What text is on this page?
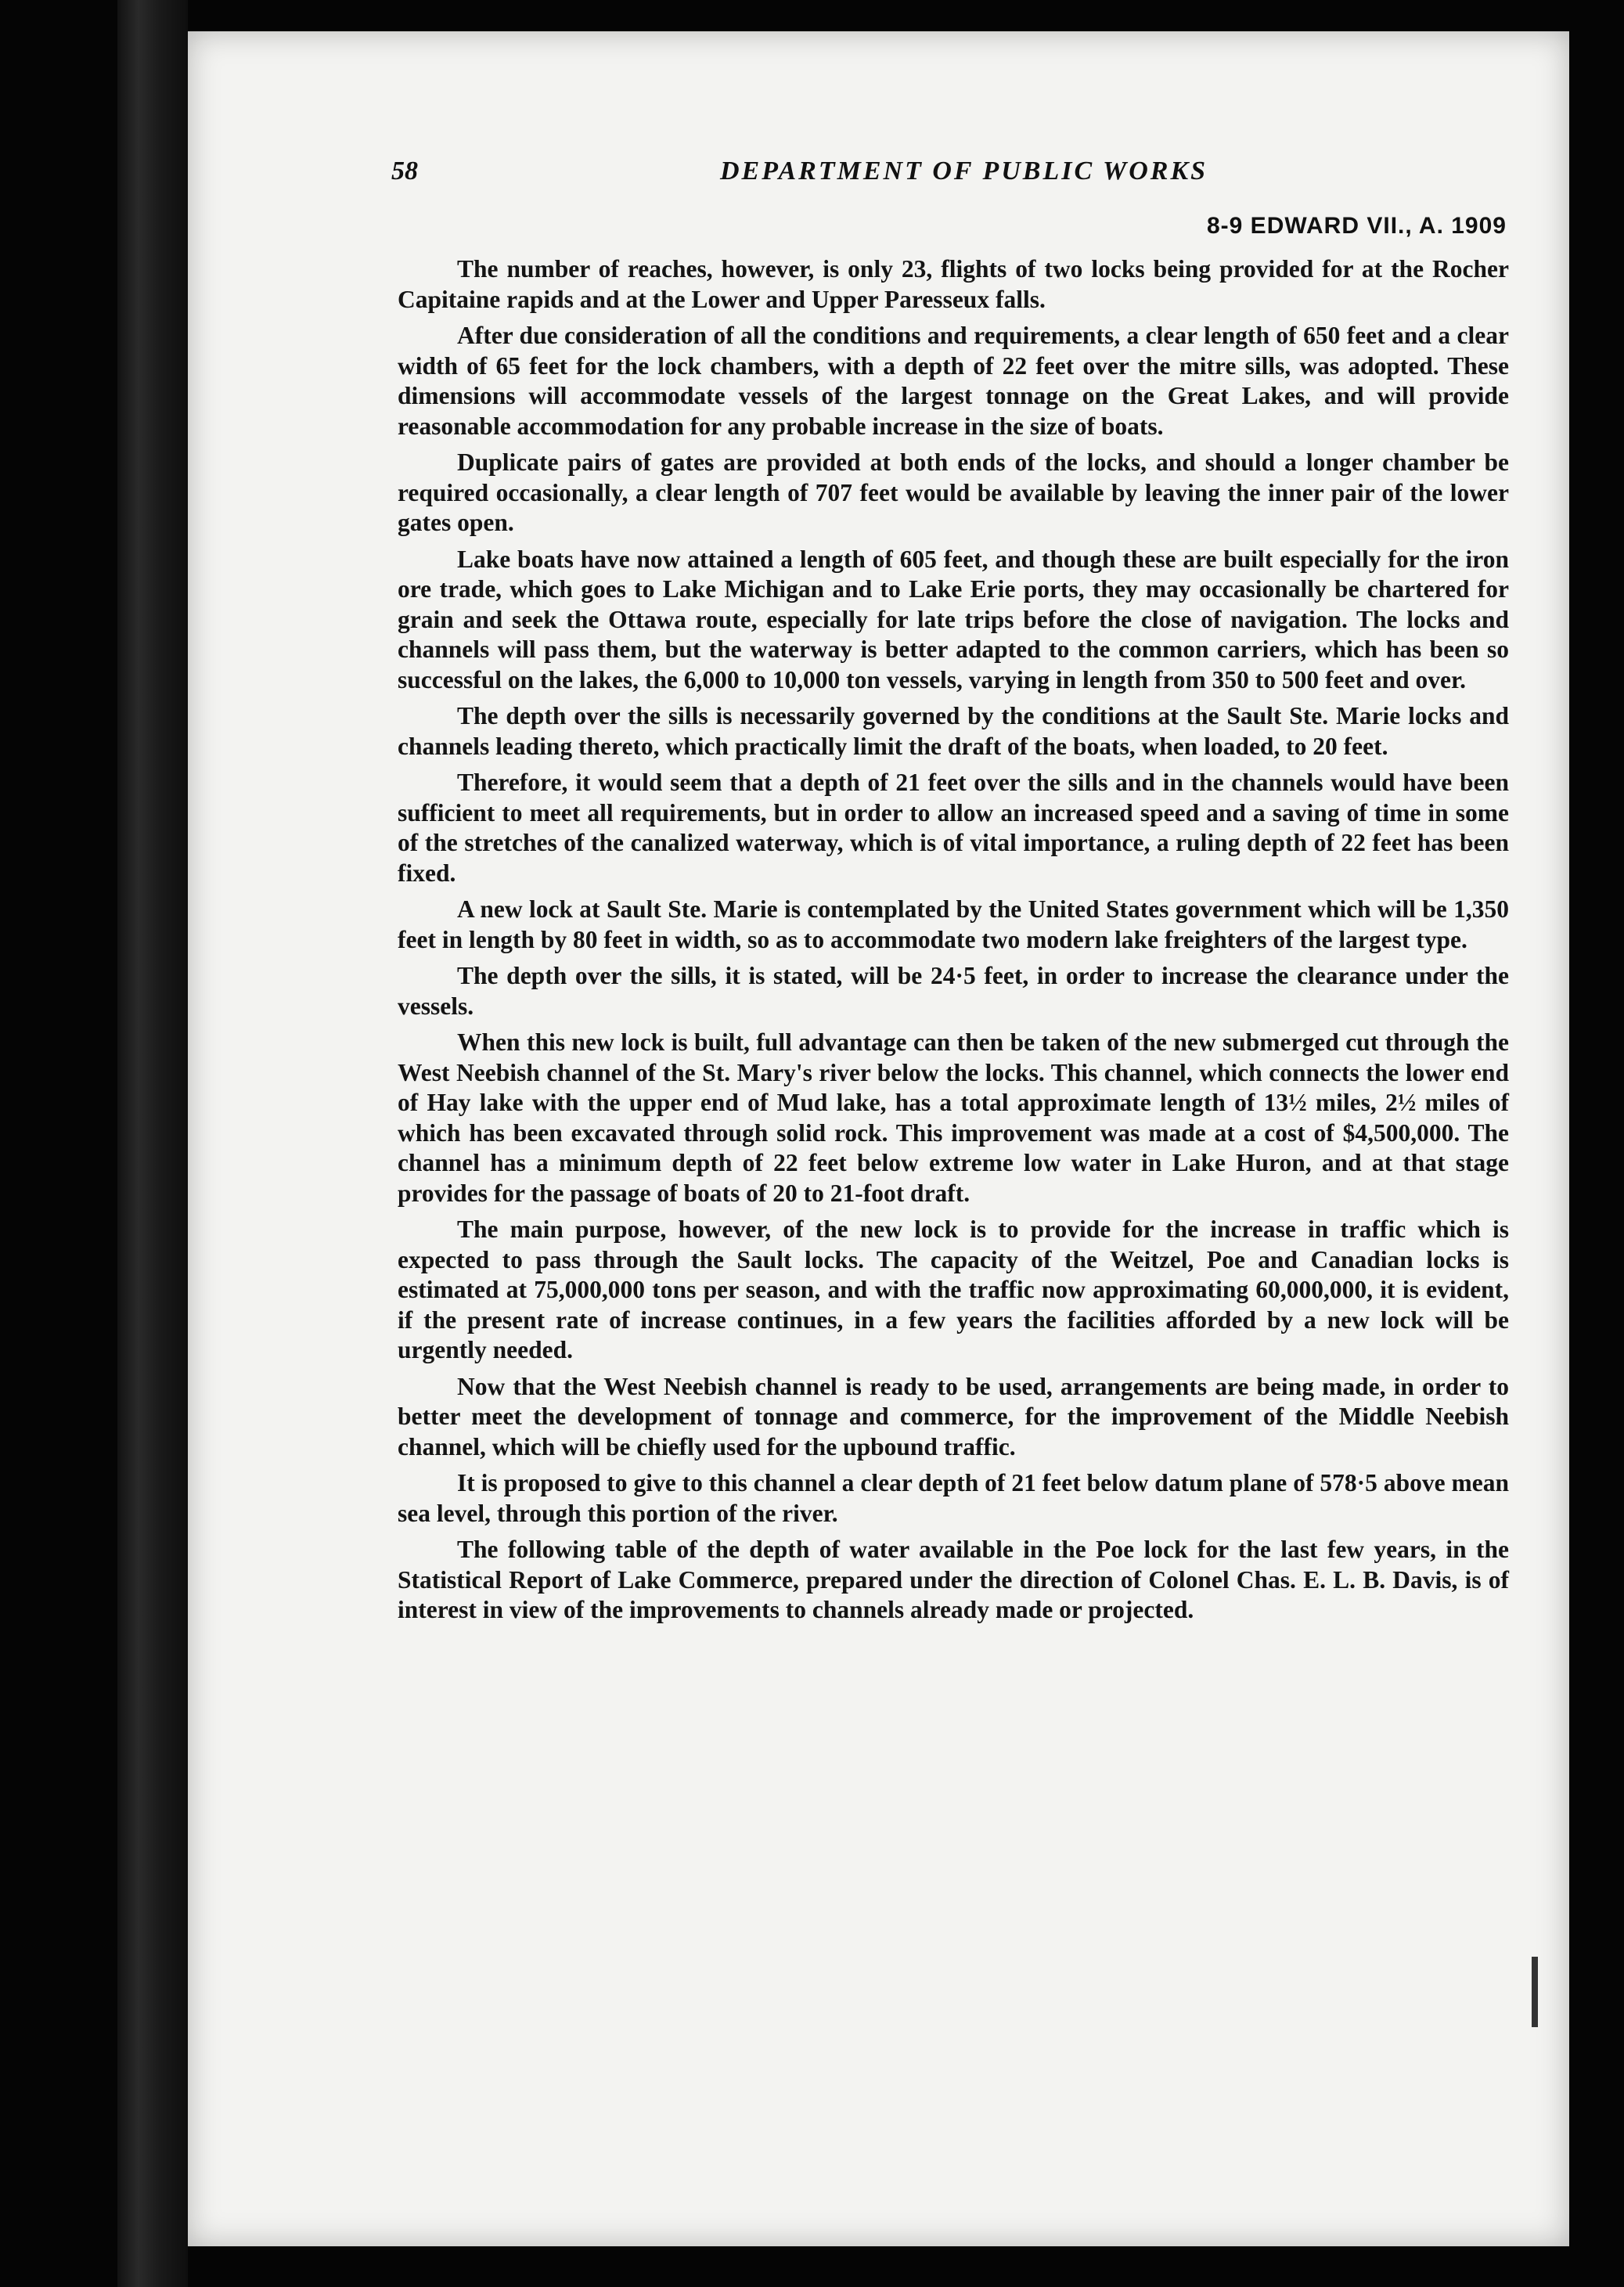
58	DEPARTMENT OF PUBLIC WORKS
8-9 EDWARD VII., A. 1909

The number of reaches, however, is only 23, flights of two locks being provided for at the Rocher Capitaine rapids and at the Lower and Upper Paresseux falls.

After due consideration of all the conditions and requirements, a clear length of 650 feet and a clear width of 65 feet for the lock chambers, with a depth of 22 feet over the mitre sills, was adopted. These dimensions will accommodate vessels of the largest tonnage on the Great Lakes, and will provide reasonable accommodation for any probable increase in the size of boats.

Duplicate pairs of gates are provided at both ends of the locks, and should a longer chamber be required occasionally, a clear length of 707 feet would be available by leaving the inner pair of the lower gates open.

Lake boats have now attained a length of 605 feet, and though these are built especially for the iron ore trade, which goes to Lake Michigan and to Lake Erie ports, they may occasionally be chartered for grain and seek the Ottawa route, especially for late trips before the close of navigation. The locks and channels will pass them, but the waterway is better adapted to the common carriers, which has been so successful on the lakes, the 6,000 to 10,000 ton vessels, varying in length from 350 to 500 feet and over.

The depth over the sills is necessarily governed by the conditions at the Sault Ste. Marie locks and channels leading thereto, which practically limit the draft of the boats, when loaded, to 20 feet.

Therefore, it would seem that a depth of 21 feet over the sills and in the channels would have been sufficient to meet all requirements, but in order to allow an increased speed and a saving of time in some of the stretches of the canalized waterway, which is of vital importance, a ruling depth of 22 feet has been fixed.

A new lock at Sault Ste. Marie is contemplated by the United States government which will be 1,350 feet in length by 80 feet in width, so as to accommodate two modern lake freighters of the largest type.

The depth over the sills, it is stated, will be 24·5 feet, in order to increase the clearance under the vessels.

When this new lock is built, full advantage can then be taken of the new submerged cut through the West Neebish channel of the St. Mary's river below the locks. This channel, which connects the lower end of Hay lake with the upper end of Mud lake, has a total approximate length of 13½ miles, 2½ miles of which has been excavated through solid rock. This improvement was made at a cost of $4,500,000. The channel has a minimum depth of 22 feet below extreme low water in Lake Huron, and at that stage provides for the passage of boats of 20 to 21-foot draft.

The main purpose, however, of the new lock is to provide for the increase in traffic which is expected to pass through the Sault locks. The capacity of the Weitzel, Poe and Canadian locks is estimated at 75,000,000 tons per season, and with the traffic now approximating 60,000,000, it is evident, if the present rate of increase continues, in a few years the facilities afforded by a new lock will be urgently needed.

Now that the West Neebish channel is ready to be used, arrangements are being made, in order to better meet the development of tonnage and commerce, for the improvement of the Middle Neebish channel, which will be chiefly used for the upbound traffic.

It is proposed to give to this channel a clear depth of 21 feet below datum plane of 578·5 above mean sea level, through this portion of the river.

The following table of the depth of water available in the Poe lock for the last few years, in the Statistical Report of Lake Commerce, prepared under the direction of Colonel Chas. E. L. B. Davis, is of interest in view of the improvements to channels already made or projected.
